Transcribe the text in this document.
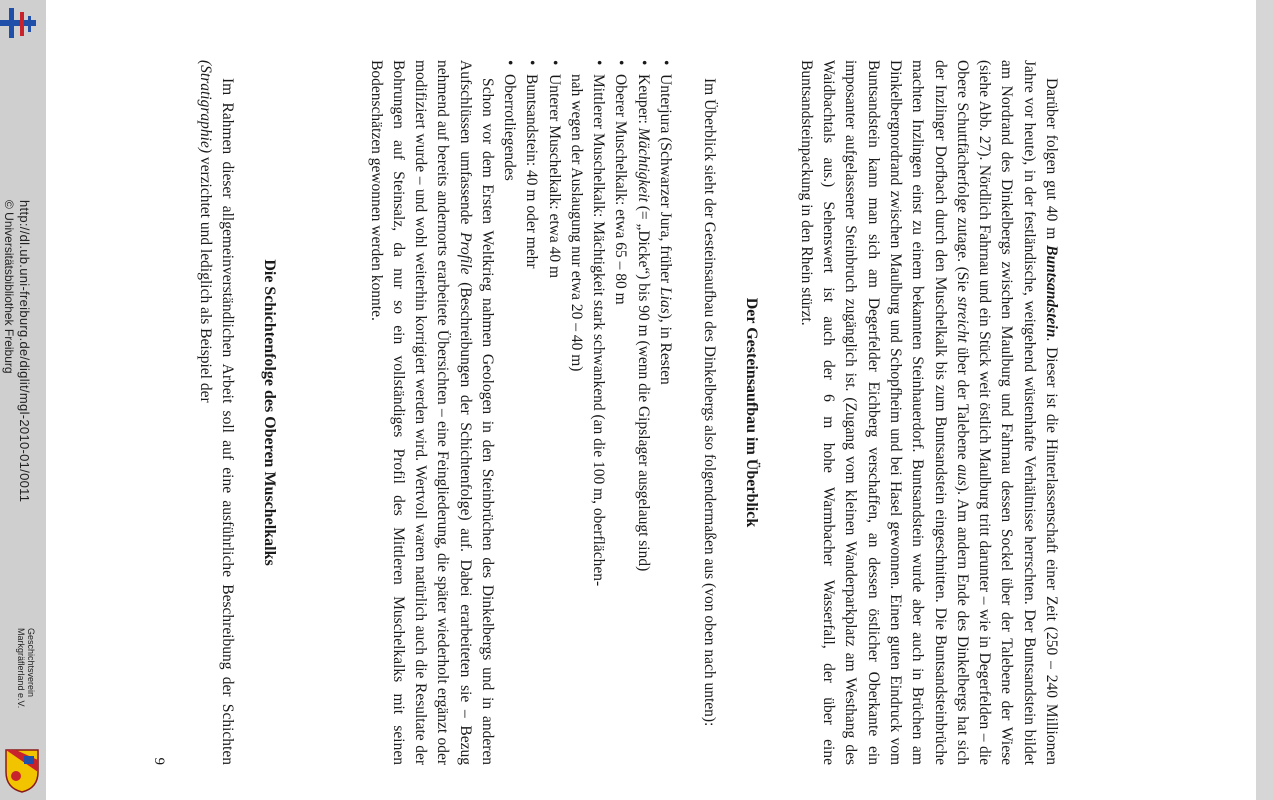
http://dl.ub.uni-freiburg.de/diglit/mgl-2010-01/0011
© Universitätsbibliothek Freiburg
Geschichtsverein
Markgräflerland e.V.

Darüber folgen gut 40 m Buntsandstein. Dieser ist die Hinterlassenschaft einer Zeit (250 – 240 Millionen Jahre vor heute), in der festländische, weitgehend wüstenhafte Verhältnisse herrschten. Der Buntsandstein bildet am Nordrand des Dinkelbergs zwischen Maulburg und Fahrnau dessen Sockel über der Talebene der Wiese (siehe Abb. 27). Nördlich Fahrnau und ein Stück weit östlich Maulburg tritt darunter – wie in Degerfelden – die Obere Schuttfächerfolge zutage. (Sie streicht über der Talebene aus). Am andern Ende des Dinkelbergs hat sich der Inzlinger Dorfbach durch den Muschelkalk bis zum Buntsandstein eingeschnitten. Die Buntsandsteinbrüche machten Inzlingen einst zu einem bekannten Steinhauerdorf. Buntsandstein wurde aber auch in Brüchen am Dinkelbergnordrand zwischen Maulburg und Schopfheim und bei Hasel gewonnen. Einen guten Eindruck vom Buntsandstein kann man sich am Degerfelder Eichberg verschaffen, an dessen östlicher Oberkante ein imposanter aufgelassener Steinbruch zugänglich ist. (Zugang vom kleinen Wanderparkplatz am Westhang des Waidbachtals aus.) Sehenswert ist auch der 6 m hohe Warmbacher Wasserfall, der über eine Buntsandsteinpackung in den Rhein stürzt.

Der Gesteinsaufbau im Überblick

Im Überblick sieht der Gesteinsaufbau des Dinkelbergs also folgendermaßen aus (von oben nach unten):

• Unterjura (Schwarzer Jura, früher Lias), in Resten
• Keuper: Mächtigkeit (= „Dicke“) bis 90 m (wenn die Gipslager ausgelaugt sind)
• Oberer Muschelkalk: etwa 65 – 80 m
• Mittlerer Muschelkalk: Mächtigkeit stark schwankend (an die 100 m, oberflächen-
nah wegen der Auslaugung nur etwa 20 – 40 m)
• Unterer Muschelkalk: etwa 40 m
• Buntsandstein: 40 m oder mehr
• Oberrotliegendes

Schon vor dem Ersten Weltkrieg nahmen Geologen in den Steinbrüchen des Dinkelbergs und in anderen Aufschlüssen umfassende Profile (Beschreibungen der Schichtenfolge) auf. Dabei erarbeiteten sie – Bezug nehmend auf bereits andernorts erarbeitete Übersichten – eine Feingliederung, die später wiederholt ergänzt oder modifiziert wurde – und wohl weiterhin korrigiert werden wird. Wertvoll waren natürlich auch die Resultate der Bohrungen auf Steinsalz, da nur so ein vollständiges Profil des Mittleren Muschelkalks mit seinen Bodenschätzen gewonnen werden konnte.

Die Schichtenfolge des Oberen Muschelkalks

Im Rahmen dieser allgemeinverständlichen Arbeit soll auf eine ausführliche Beschreibung der Schichten (Stratigraphie) verzichtet und lediglich als Beispiel der

9
